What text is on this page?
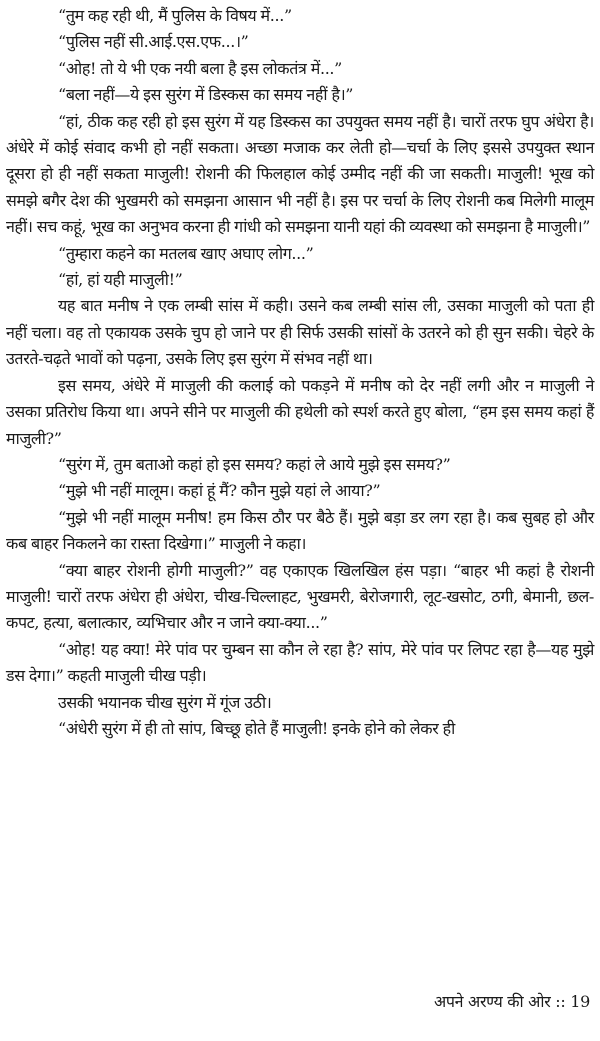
“तुम कह रही थी, मैं पुलिस के विषय में...”

“पुलिस नहीं सी.आई.एस.एफ...।”

“ओह! तो ये भी एक नयी बला है इस लोकतंत्र में...”

“बला नहीं—ये इस सुरंग में डिस्कस का समय नहीं है।”

“हां, ठीक कह रही हो इस सुरंग में यह डिस्कस का उपयुक्त समय नहीं है। चारों तरफ घुप अंधेरा है। अंधेरे में कोई संवाद कभी हो नहीं सकता। अच्छा मजाक कर लेती हो—चर्चा के लिए इससे उपयुक्त स्थान दूसरा हो ही नहीं सकता माजुली! रोशनी की फिलहाल कोई उम्मीद नहीं की जा सकती। माजुली! भूख को समझे बगैर देश की भुखमरी को समझना आसान भी नहीं है। इस पर चर्चा के लिए रोशनी कब मिलेगी मालूम नहीं। सच कहूं, भूख का अनुभव करना ही गांधी को समझना यानी यहां की व्यवस्था को समझना है माजुली।”

“तुम्हारा कहने का मतलब खाए अघाए लोग...”

“हां, हां यही माजुली!”

यह बात मनीष ने एक लम्बी सांस में कही। उसने कब लम्बी सांस ली, उसका माजुली को पता ही नहीं चला। वह तो एकायक उसके चुप हो जाने पर ही सिर्फ उसकी सांसों के उतरने को ही सुन सकी। चेहरे के उतरते-चढ़ते भावों को पढ़ना, उसके लिए इस सुरंग में संभव नहीं था।

इस समय, अंधेरे में माजुली की कलाई को पकड़ने में मनीष को देर नहीं लगी और न माजुली ने उसका प्रतिरोध किया था। अपने सीने पर माजुली की हथेली को स्पर्श करते हुए बोला, “हम इस समय कहां हैं माजुली?”

“सुरंग में, तुम बताओ कहां हो इस समय? कहां ले आये मुझे इस समय?”

“मुझे भी नहीं मालूम। कहां हूं मैं? कौन मुझे यहां ले आया?”

“मुझे भी नहीं मालूम मनीष! हम किस ठौर पर बैठे हैं। मुझे बड़ा डर लग रहा है। कब सुबह हो और कब बाहर निकलने का रास्ता दिखेगा।” माजुली ने कहा।

“क्या बाहर रोशनी होगी माजुली?” वह एकाएक खिलखिल हंस पड़ा। “बाहर भी कहां है रोशनी माजुली! चारों तरफ अंधेरा ही अंधेरा, चीख-चिल्लाहट, भुखमरी, बेरोजगारी, लूट-खसोट, ठगी, बेमानी, छल-कपट, हत्या, बलात्कार, व्यभिचार और न जाने क्या-क्या...”

“ओह! यह क्या! मेरे पांव पर चुम्बन सा कौन ले रहा है? सांप, मेरे पांव पर लिपट रहा है—यह मुझे डस देगा।” कहती माजुली चीख पड़ी।

उसकी भयानक चीख सुरंग में गूंज उठी।

“अंधेरी सुरंग में ही तो सांप, बिच्छू होते हैं माजुली! इनके होने को लेकर ही

अपने अरण्य की ओर :: 19
